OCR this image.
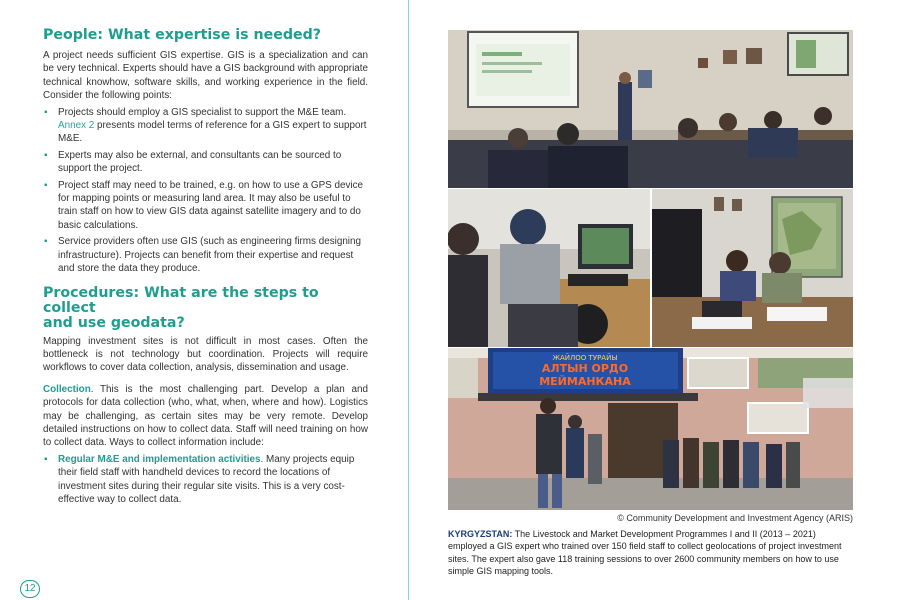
People: What expertise is needed?

A project needs sufficient GIS expertise. GIS is a specialization and can be very technical. Experts should have a GIS background with appropriate technical knowhow, software skills, and working experience in the field. Consider the following points:

▪ Projects should employ a GIS specialist to support the M&E team. Annex 2 presents model terms of reference for a GIS expert to support M&E.
▪ Experts may also be external, and consultants can be sourced to support the project.
▪ Project staff may need to be trained, e.g. on how to use a GPS device for mapping points or measuring land area. It may also be useful to train staff on how to view GIS data against satellite imagery and to do basic calculations.
▪ Service providers often use GIS (such as engineering firms designing infrastructure). Projects can benefit from their expertise and request and store the data they produce.
Procedures: What are the steps to collect
and use geodata?

Mapping investment sites is not difficult in most cases. Often the bottleneck is not technology but coordination. Projects will require workflows to cover data collection, analysis, dissemination and usage.

Collection. This is the most challenging part. Develop a plan and protocols for data collection (who, what, when, where and how). Logistics may be challenging, as certain sites may be very remote. Develop detailed instructions on how to collect data. Staff will need training on how to collect data. Ways to collect information include:

▪ Regular M&E and implementation activities. Many projects equip their field staff with handheld devices to record the locations of investment sites during their regular site visits. This is a very cost-effective way to collect data.
12
ЖАЙЛОО ТУРАЙЫ
АЛТЫН ОРДО
МЕЙМАНКАНА
© Community Development and Investment Agency (ARIS)
KYRGYZSTAN: The Livestock and Market Development Programmes I and II (2013 – 2021) employed a GIS expert who trained over 150 field staff to collect geolocations of project investment sites. The expert also gave 118 training sessions to over 2600 community members on how to use simple GIS mapping tools.
